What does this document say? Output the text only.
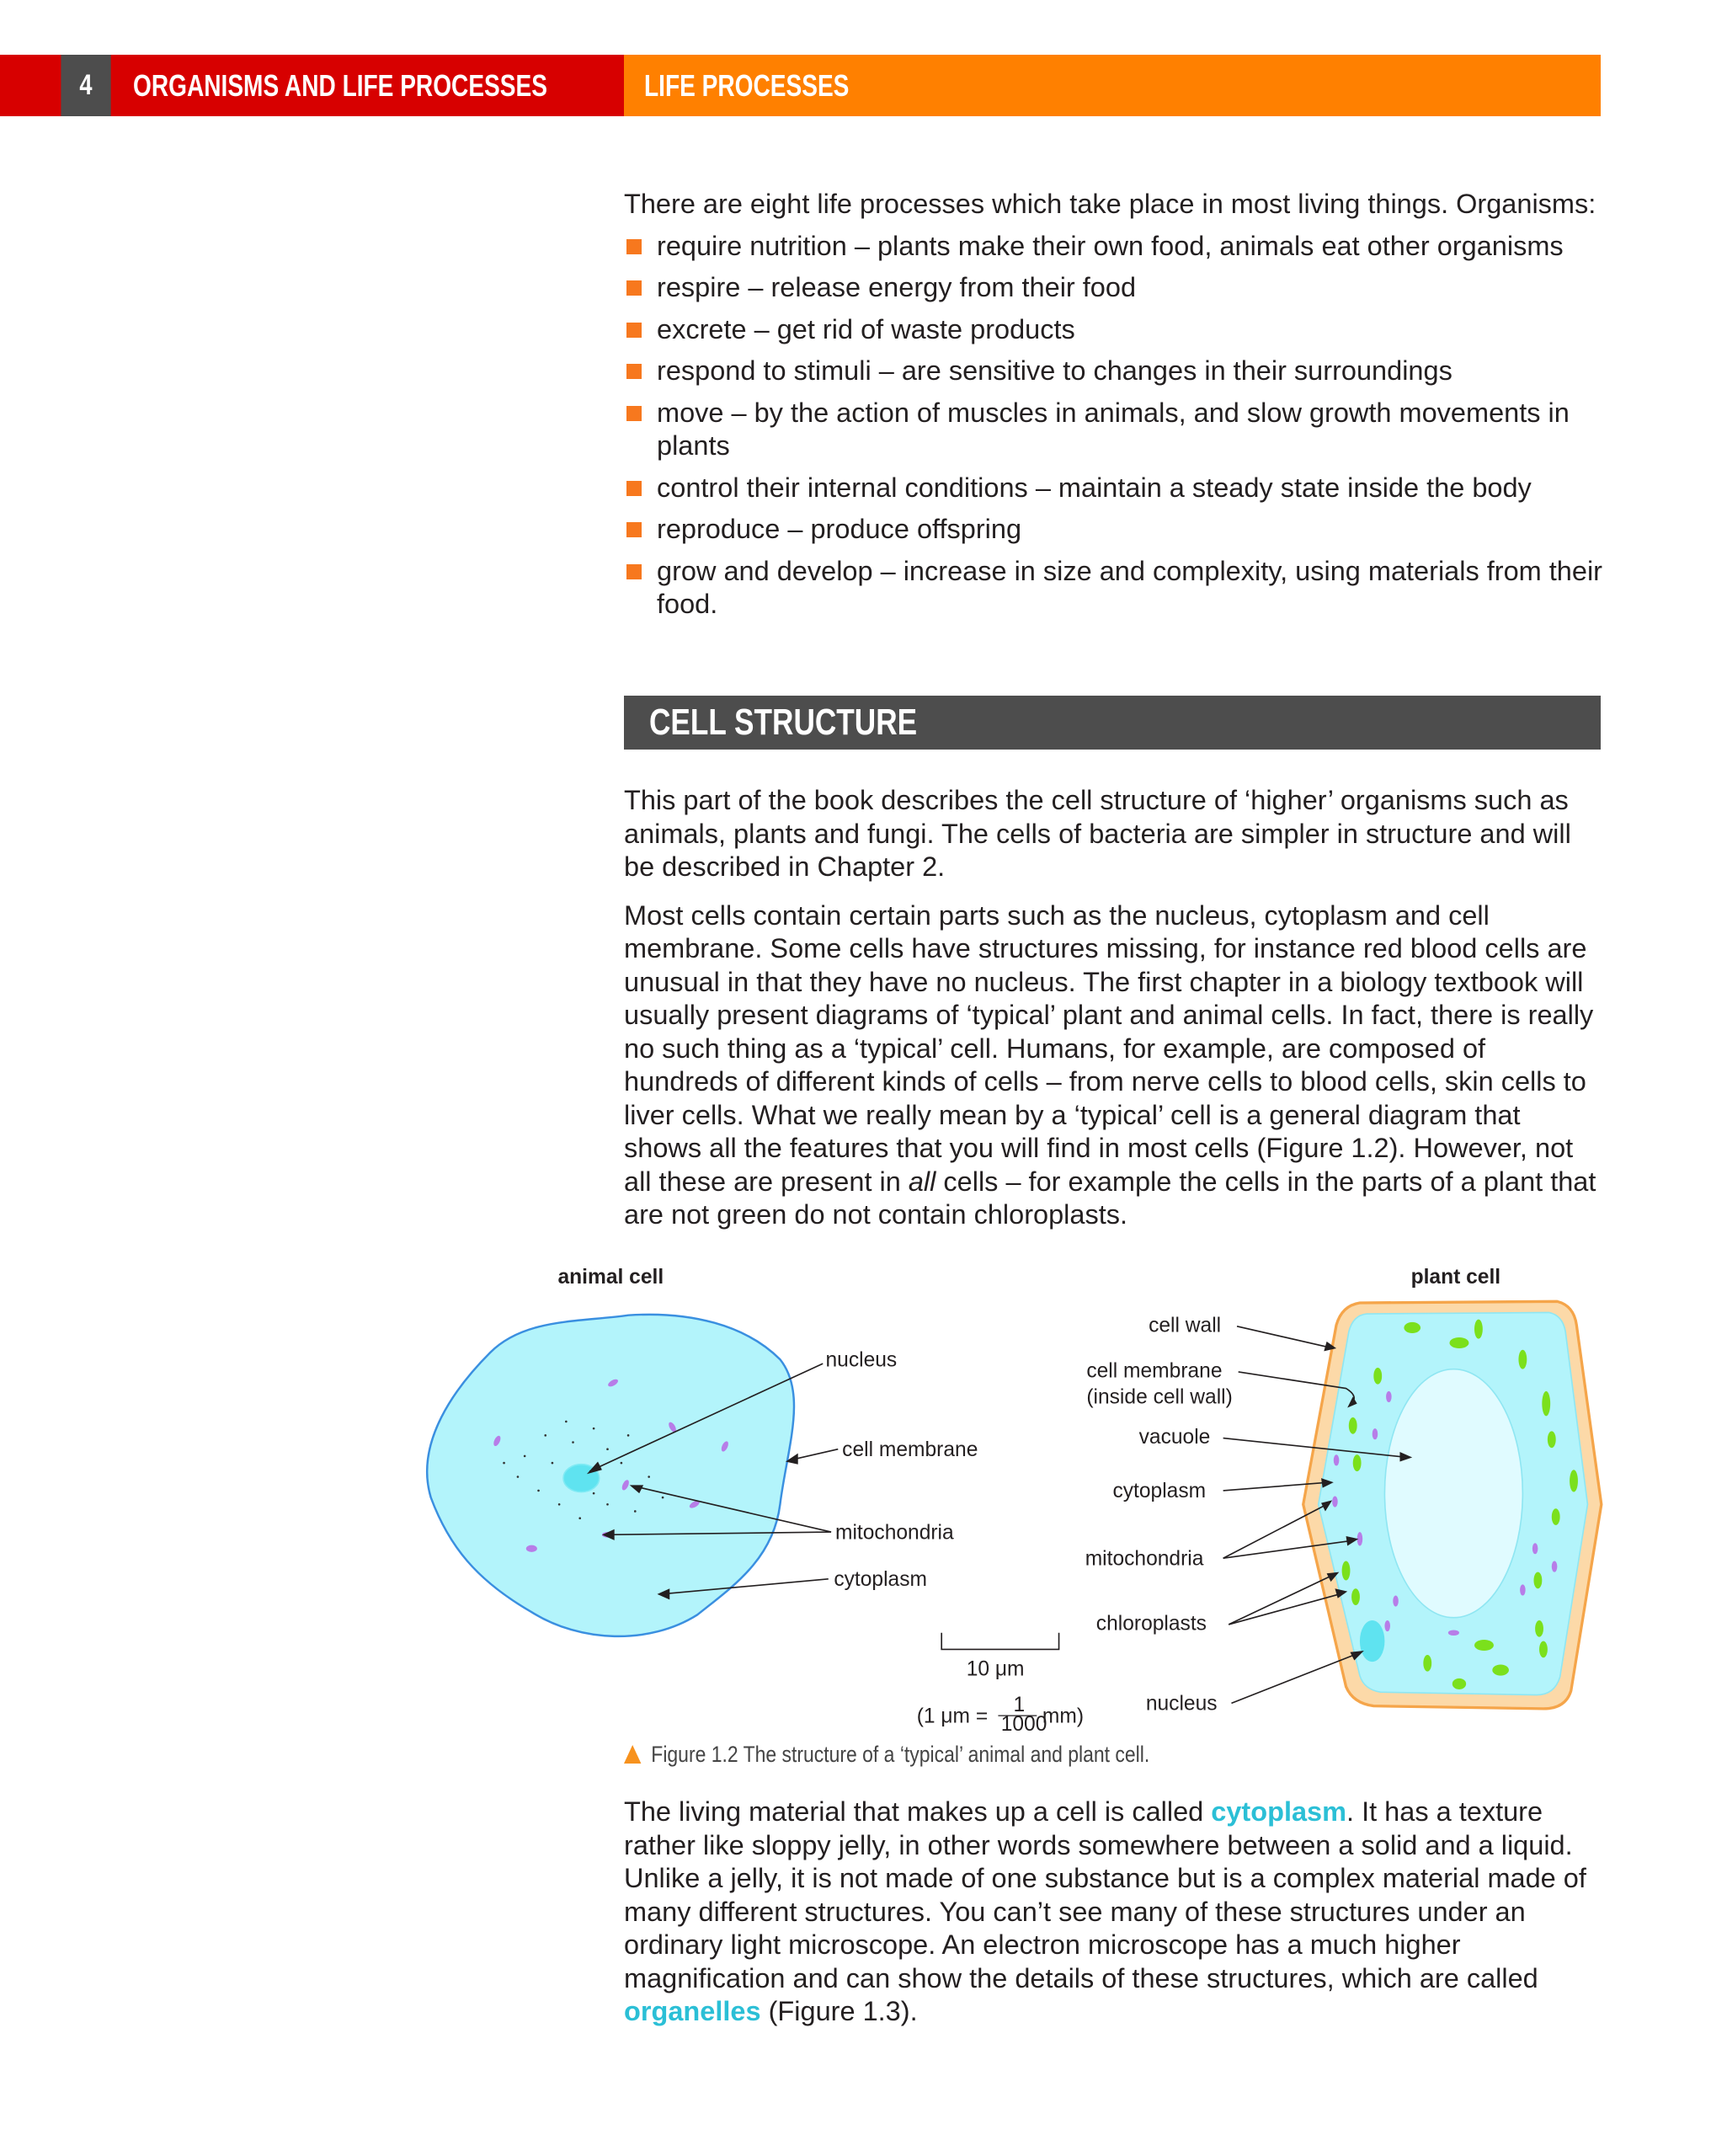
4	ORGANISMS AND LIFE PROCESSES	LIFE PROCESSES

There are eight life processes which take place in most living things. Organisms:

require nutrition – plants make their own food, animals eat other organisms
respire – release energy from their food
excrete – get rid of waste products
respond to stimuli – are sensitive to changes in their surroundings
move – by the action of muscles in animals, and slow growth movements in plants
control their internal conditions – maintain a steady state inside the body
reproduce – produce offspring
grow and develop – increase in size and complexity, using materials from their food.
CELL STRUCTURE

This part of the book describes the cell structure of ‘higher’ organisms such as animals, plants and fungi. The cells of bacteria are simpler in structure and will be described in Chapter 2.

Most cells contain certain parts such as the nucleus, cytoplasm and cell membrane. Some cells have structures missing, for instance red blood cells are unusual in that they have no nucleus. The first chapter in a biology textbook will usually present diagrams of ‘typical’ plant and animal cells. In fact, there is really no such thing as a ‘typical’ cell. Humans, for example, are composed of hundreds of different kinds of cells – from nerve cells to blood cells, skin cells to liver cells. What we really mean by a ‘typical’ cell is a general diagram that shows all the features that you will find in most cells (Figure 1.2). However, not all these are present in all cells – for example the cells in the parts of a plant that are not green do not contain chloroplasts.

animal cell
nucleus
cell membrane
mitochondria
cytoplasm
10 μm
(1 μm = 1
1000
mm)
plant cell
cell wall
cell membrane
(inside cell wall)
vacuole
cytoplasm
mitochondria
chloroplasts
nucleus
Figure 1.2 The structure of a ‘typical’ animal and plant cell.

The living material that makes up a cell is called cytoplasm. It has a texture rather like sloppy jelly, in other words somewhere between a solid and a liquid. Unlike a jelly, it is not made of one substance but is a complex material made of many different structures. You can’t see many of these structures under an ordinary light microscope. An electron microscope has a much higher magnification and can show the details of these structures, which are called organelles (Figure 1.3).
